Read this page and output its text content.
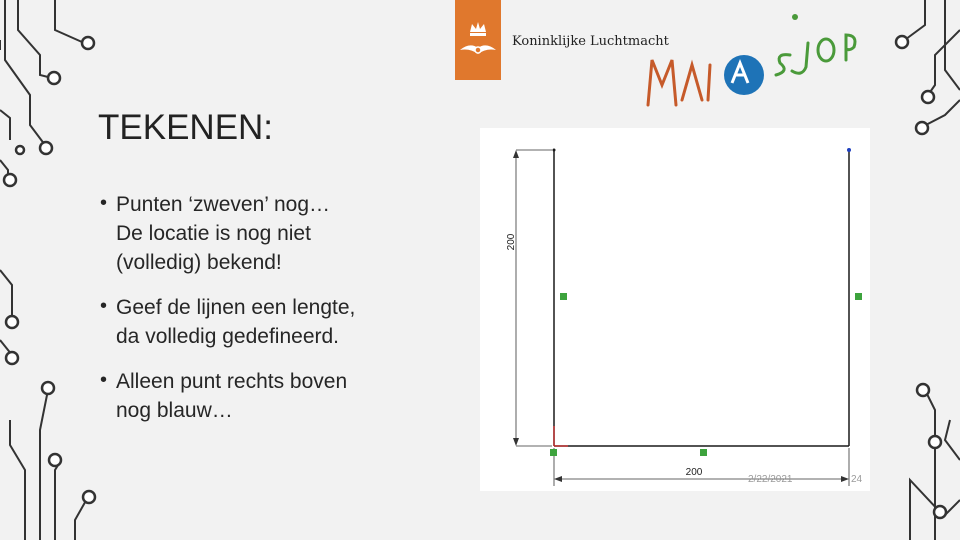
Koninklijke Luchtmacht
TEKENEN:
• Punten ‘zweven’ nog…
De locatie is nog niet
(volledig) bekend!
• Geef de lijnen een lengte,
da volledig gedefineerd.
• Alleen punt rechts boven
nog blauw…
200
200
2/22/2021	24
